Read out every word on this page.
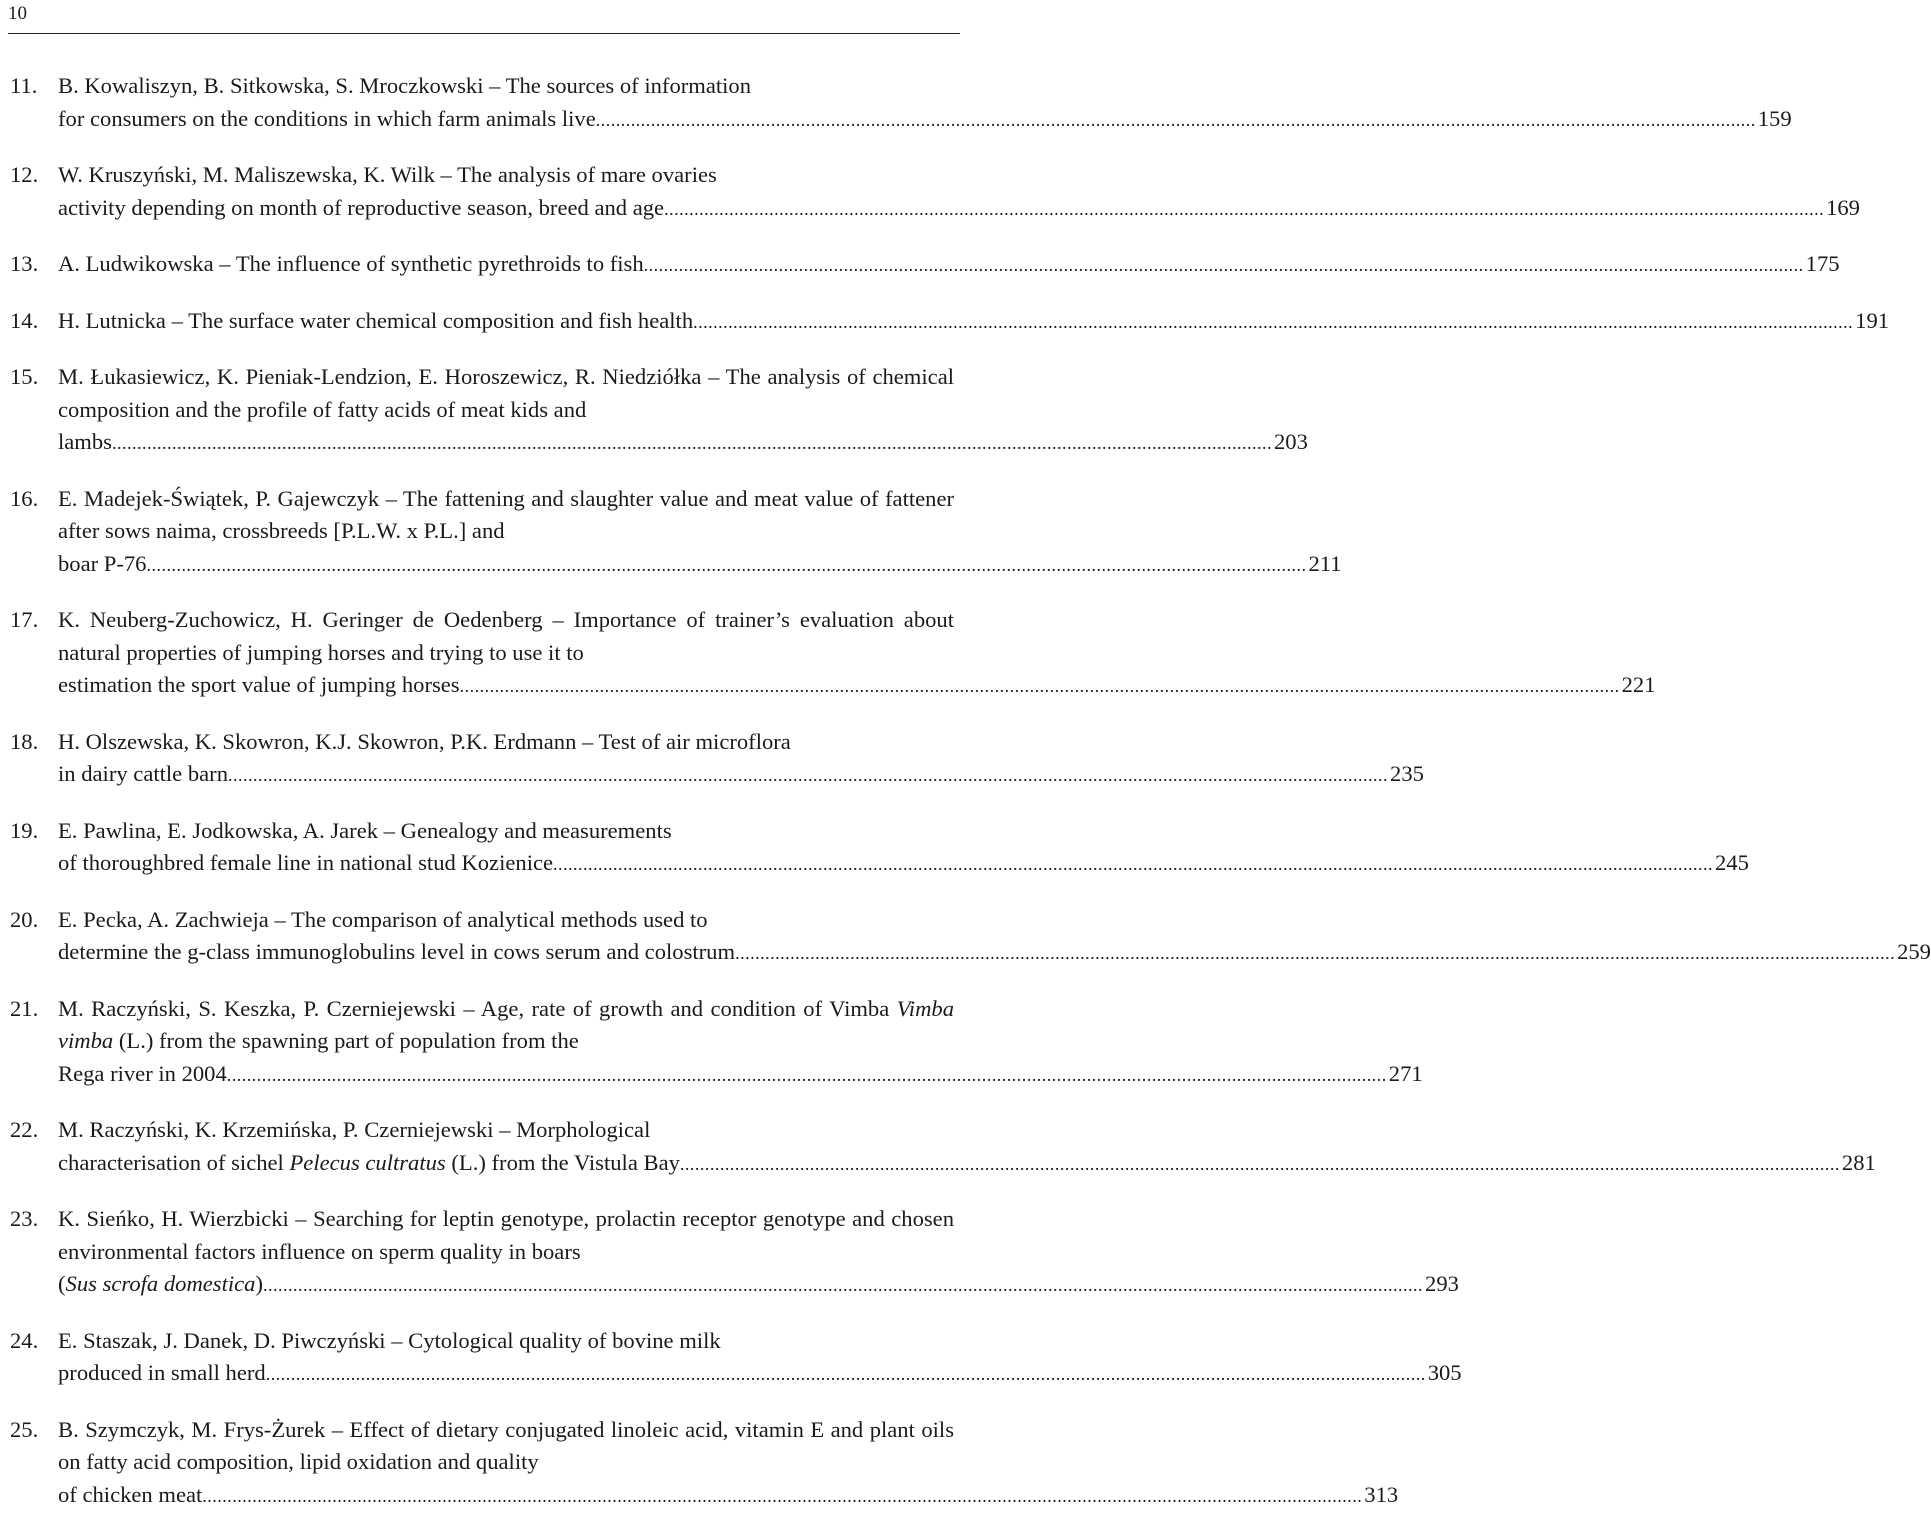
10
11. B. Kowaliszyn, B. Sitkowska, S. Mroczkowski – The sources of information
for consumers on the conditions in which farm animals live .....	159
12. W. Kruszyński, M. Maliszewska, K. Wilk – The analysis of mare ovaries
activity depending on month of reproductive season, breed and age .....	169
13. A. Ludwikowska – The influence of synthetic pyrethroids to fish .....	175
14. H. Lutnicka – The surface water chemical composition and fish health .....	191
15. M. Łukasiewicz, K. Pieniak-Lendzion, E. Horoszewicz, R. Niedziółka – The analysis of chemical composition and the profile of fatty acids of meat kids and
lambs .....	203
16. E. Madejek-Świątek, P. Gajewczyk – The fattening and slaughter value and meat value of fattener after sows naima, crossbreeds [P.L.W. x P.L.] and
boar P-76 .....	211
17. K. Neuberg-Zuchowicz, H. Geringer de Oedenberg – Importance of trainer’s evaluation about natural properties of jumping horses and trying to use it to
estimation the sport value of jumping horses .....	221
18. H. Olszewska, K. Skowron, K.J. Skowron, P.K. Erdmann – Test of air microflora
in dairy cattle barn .....	235
19. E. Pawlina, E. Jodkowska, A. Jarek – Genealogy and measurements
of thoroughbred female line in national stud Kozienice .....	245
20. E. Pecka, A. Zachwieja – The comparison of analytical methods used to
determine the g-class immunoglobulins level in cows serum and colostrum .....	259
21. M. Raczyński, S. Keszka, P. Czerniejewski – Age, rate of growth and condition of Vimba Vimba vimba (L.) from the spawning part of population from the
Rega river in 2004 .....	271
22. M. Raczyński, K. Krzemińska, P. Czerniejewski – Morphological
characterisation of sichel Pelecus cultratus (L.) from the Vistula Bay .....	281
23. K. Sieńko, H. Wierzbicki – Searching for leptin genotype, prolactin receptor genotype and chosen environmental factors influence on sperm quality in boars
(Sus scrofa domestica) .....	293
24. E. Staszak, J. Danek, D. Piwczyński – Cytological quality of bovine milk
produced in small herd .....	305
25. B. Szymczyk, M. Frys-Żurek – Effect of dietary conjugated linoleic acid, vitamin E and plant oils on fatty acid composition, lipid oxidation and quality
of chicken meat .....	313
